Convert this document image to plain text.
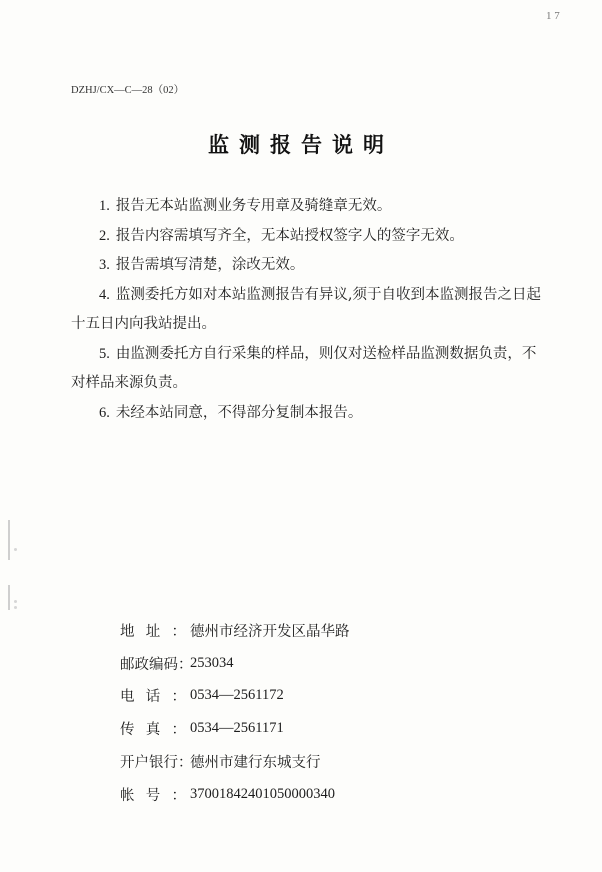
1 7
DZHJ/CX—C—28（02）
监测报告说明
1. 报告无本站监测业务专用章及骑缝章无效。
2. 报告内容需填写齐全，无本站授权签字人的签字无效。
3. 报告需填写清楚，涂改无效。
4. 监测委托方如对本站监测报告有异议,须于自收到本监测报告之日起十五日内向我站提出。
5. 由监测委托方自行采集的样品，则仅对送检样品监测数据负责，不对样品来源负责。
6. 未经本站同意，不得部分复制本报告。
地址： 德州市经济开发区晶华路
邮政编码：
253034
电话： 0534—2561172
传真： 0534—2561171
开户银行：
德州市建行东城支行
帐号： 37001842401050000340
